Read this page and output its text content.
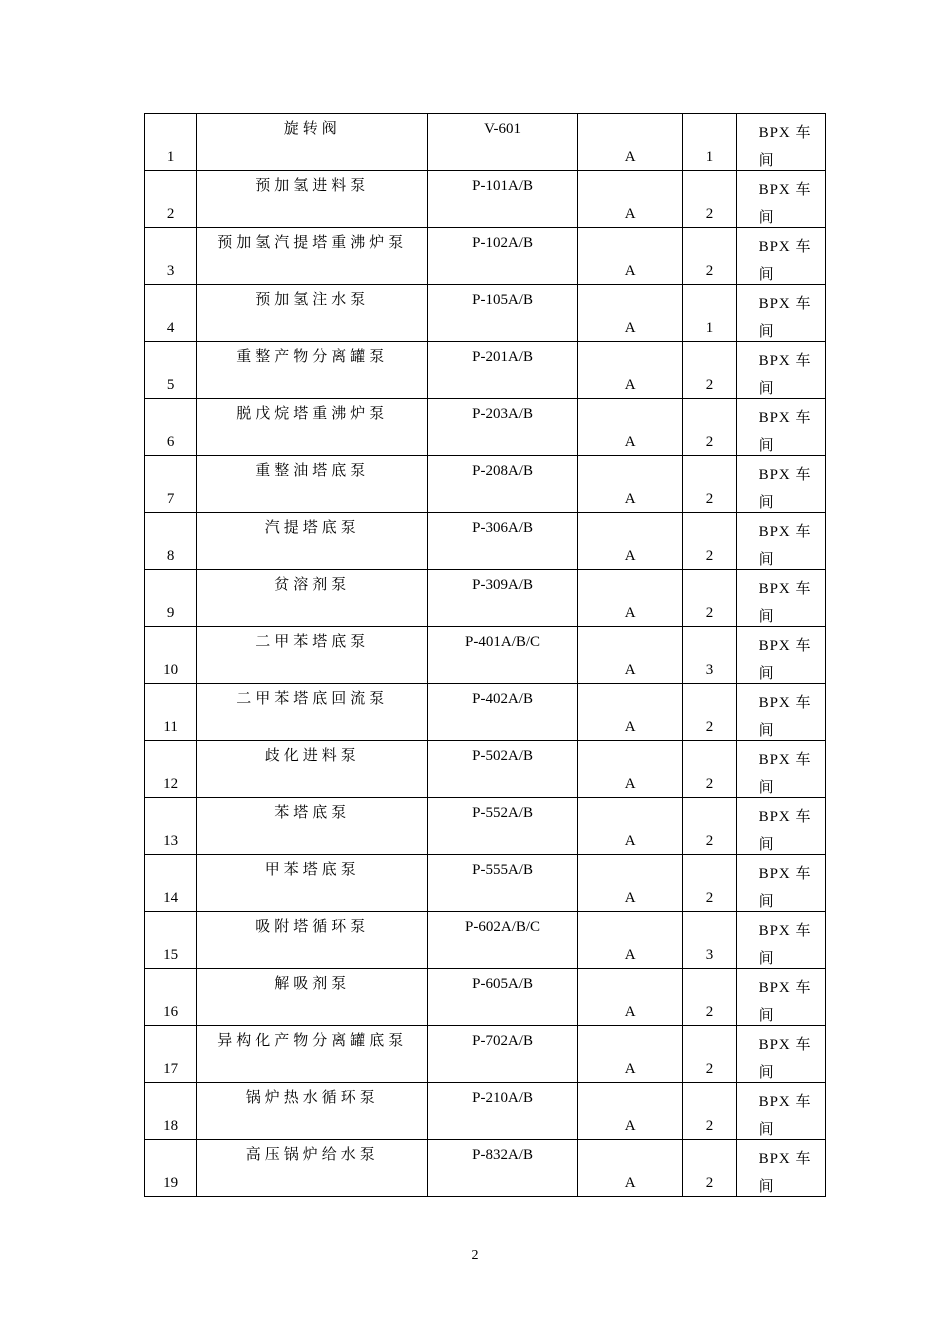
1	旋转阀	V-601	A	1	BPX 车间

2	预加氢进料泵	P-101A/B	A	2	BPX 车间

3	预加氢汽提塔重沸炉泵	P-102A/B	A	2	BPX 车间

4	预加氢注水泵	P-105A/B	A	1	BPX 车间

5	重整产物分离罐泵	P-201A/B	A	2	BPX 车间

6	脱戊烷塔重沸炉泵	P-203A/B	A	2	BPX 车间

7	重整油塔底泵	P-208A/B	A	2	BPX 车间

8	汽提塔底泵	P-306A/B	A	2	BPX 车间

9	贫溶剂泵	P-309A/B	A	2	BPX 车间

10	二甲苯塔底泵	P-401A/B/C	A	3	BPX 车间

11	二甲苯塔底回流泵	P-402A/B	A	2	BPX 车间

12	歧化进料泵	P-502A/B	A	2	BPX 车间

13	苯塔底泵	P-552A/B	A	2	BPX 车间

14	甲苯塔底泵	P-555A/B	A	2	BPX 车间

15	吸附塔循环泵	P-602A/B/C	A	3	BPX 车间

16	解吸剂泵	P-605A/B	A	2	BPX 车间

17	异构化产物分离罐底泵	P-702A/B	A	2	BPX 车间

18	锅炉热水循环泵	P-210A/B	A	2	BPX 车间

19	高压锅炉给水泵	P-832A/B	A	2	BPX 车间
2
